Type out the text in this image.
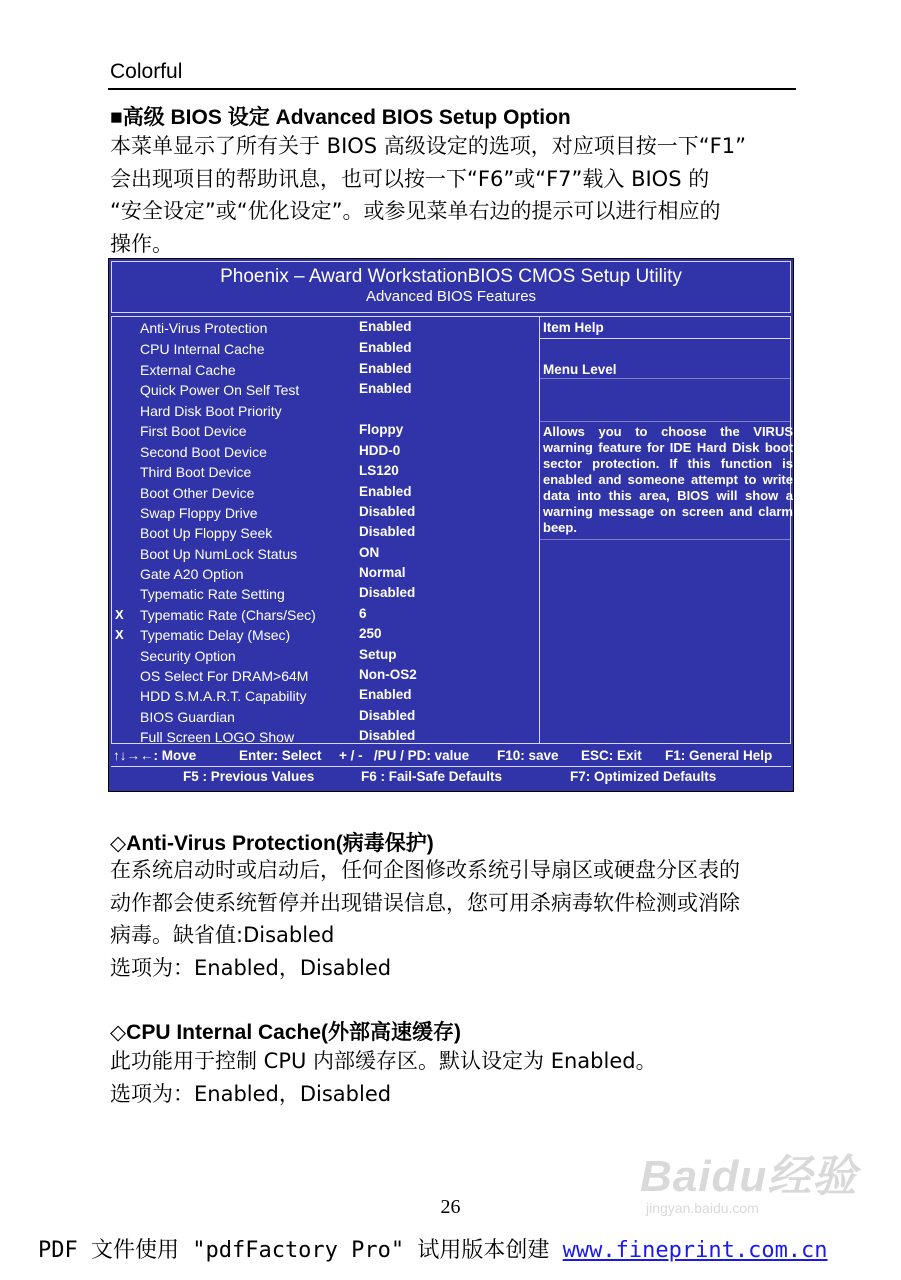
Colorful
■高级 BIOS 设定 Advanced BIOS Setup Option

本菜单显示了所有关于 BIOS 高级设定的选项，对应项目按一下“F1”

会出现项目的帮助讯息，也可以按一下“F6”或“F7”载入 BIOS 的

“安全设定”或“优化设定”。或参见菜单右边的提示可以进行相应的

操作。

Phoenix – Award WorkstationBIOS CMOS Setup Utility
Advanced BIOS Features
Anti-Virus Protection	Enabled
CPU Internal Cache	Enabled
External Cache	Enabled
Quick Power On Self Test	Enabled
Hard Disk Boot Priority
First Boot Device	Floppy
Second Boot Device	HDD-0
Third Boot Device	LS120
Boot Other Device	Enabled
Swap Floppy Drive	Disabled
Boot Up Floppy Seek	Disabled
Boot Up NumLock Status	ON
Gate A20 Option	Normal
Typematic Rate Setting	Disabled
X Typematic Rate (Chars/Sec)	6
X Typematic Delay (Msec)	250
Security Option	Setup
OS Select For DRAM>64M	Non-OS2
HDD S.M.A.R.T. Capability	Enabled
BIOS Guardian	Disabled
Full Screen LOGO Show	Disabled
Item Help
Menu Level
Allows you to choose the VIRUS warning feature for IDE Hard Disk boot sector protection. If this function is enabled and someone attempt to write data into this area, BIOS will show a warning message on screen and clarm beep.
↑↓→←: Move	Enter: Select + / -   /PU / PD: value F10: save ESC: Exit F1: General Help
F5 : Previous Values	F6 : Fail-Safe Defaults	F7: Optimized Defaults
◇Anti-Virus Protection(病毒保护)

在系统启动时或启动后，任何企图修改系统引导扇区或硬盘分区表的

动作都会使系统暂停并出现错误信息，您可用杀病毒软件检测或消除

病毒。缺省值:Disabled

选项为：Enabled，Disabled

◇CPU Internal Cache(外部高速缓存)

此功能用于控制 CPU 内部缓存区。默认设定为 Enabled。

选项为：Enabled，Disabled

Baidu经验
jingyan.baidu.com
26
PDF 文件使用 "pdfFactory Pro" 试用版本创建 www.fineprint.com.cn
